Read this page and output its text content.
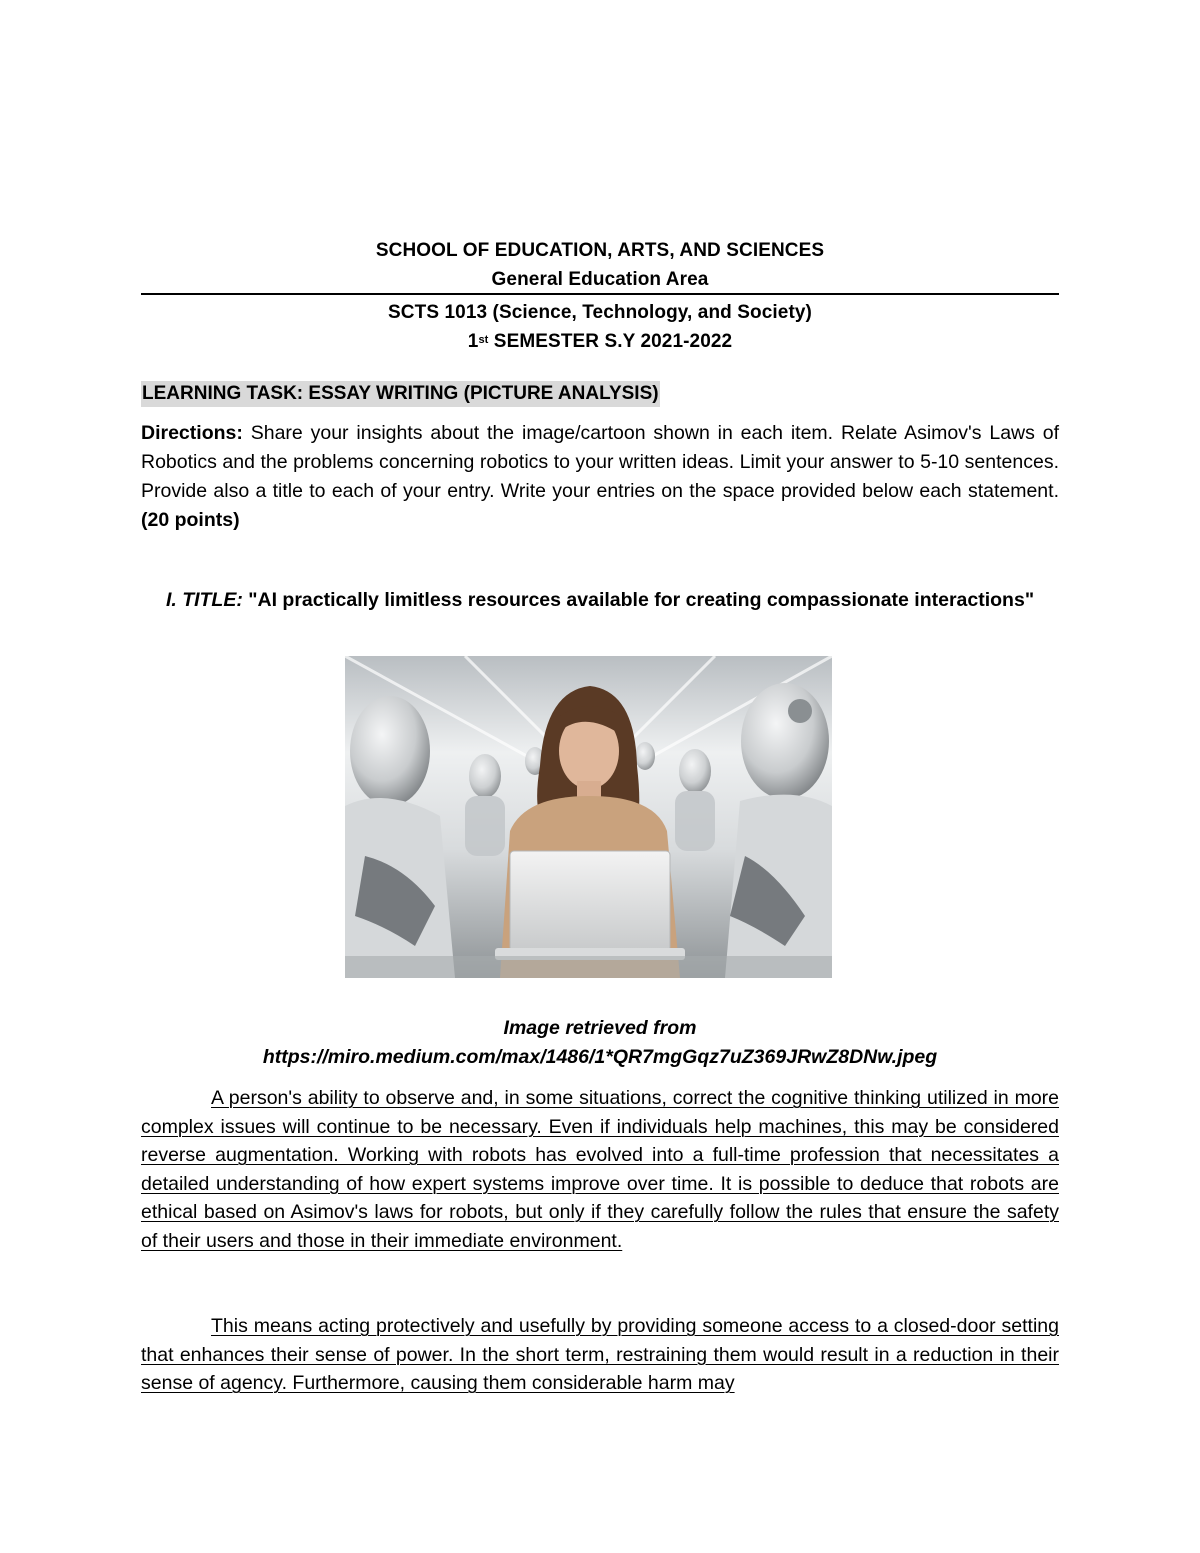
SCHOOL OF EDUCATION, ARTS, AND SCIENCES
General Education Area
SCTS 1013 (Science, Technology, and Society)
1st SEMESTER S.Y 2021-2022
LEARNING TASK: ESSAY WRITING (PICTURE ANALYSIS)
Directions: Share your insights about the image/cartoon shown in each item. Relate Asimov's Laws of Robotics and the problems concerning robotics to your written ideas. Limit your answer to 5-10 sentences. Provide also a title to each of your entry. Write your entries on the space provided below each statement. (20 points)
I. TITLE: "AI practically limitless resources available for creating compassionate interactions"
Image retrieved from
https://miro.medium.com/max/1486/1*QR7mgGqz7uZ369JRwZ8DNw.jpeg
A person's ability to observe and, in some situations, correct the cognitive thinking utilized in more complex issues will continue to be necessary. Even if individuals help machines, this may be considered reverse augmentation. Working with robots has evolved into a full-time profession that necessitates a detailed understanding of how expert systems improve over time. It is possible to deduce that robots are ethical based on Asimov's laws for robots, but only if they carefully follow the rules that ensure the safety of their users and those in their immediate environment.
This means acting protectively and usefully by providing someone access to a closed-door setting that enhances their sense of power. In the short term, restraining them would result in a reduction in their sense of agency. Furthermore, causing them considerable harm may
